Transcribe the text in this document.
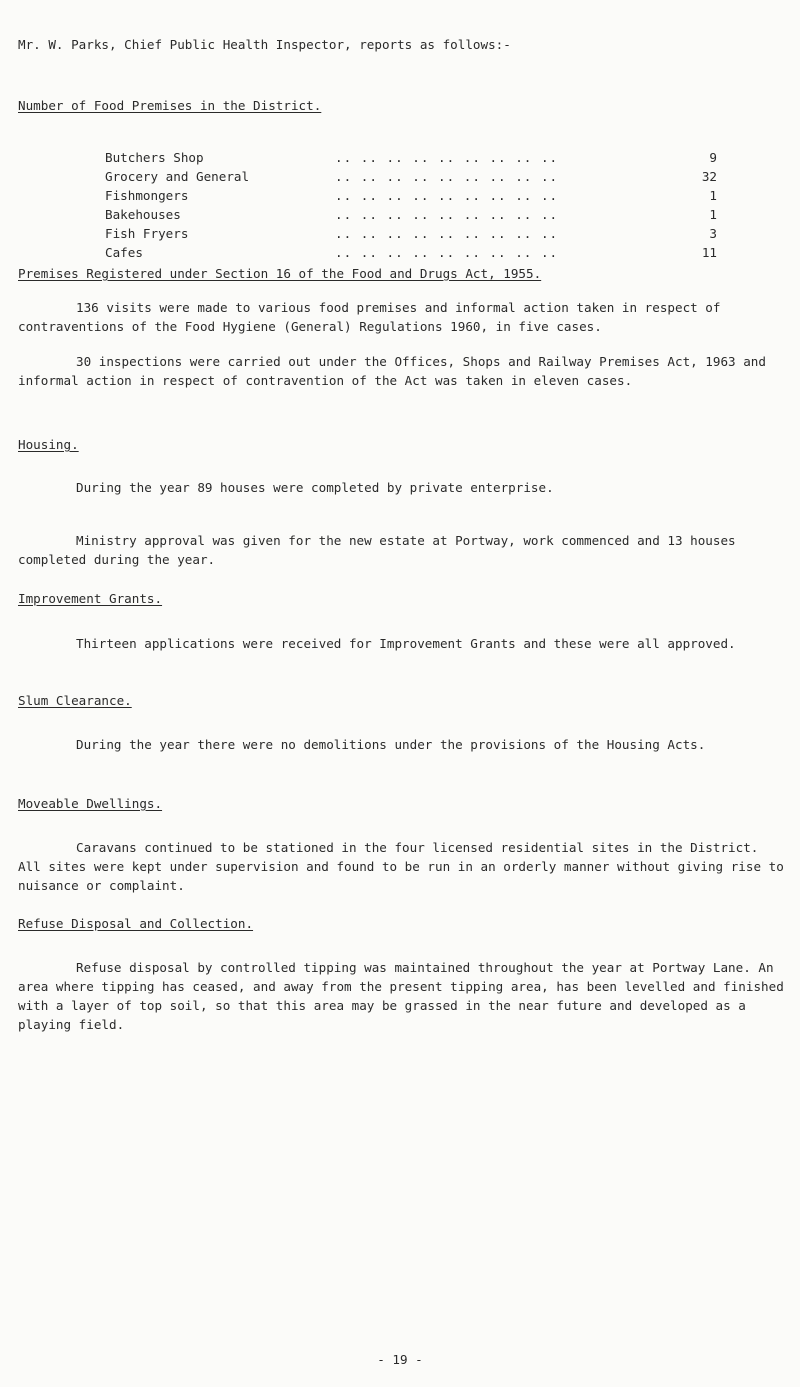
Mr. W. Parks, Chief Public Health Inspector, reports as follows:-
Number of Food Premises in the District.
Butchers Shop	.. .. .. .. .. .. .. .. ..	9
Grocery and General	.. .. .. .. .. .. .. .. ..	32
Fishmongers	.. .. .. .. .. .. .. .. ..	1
Bakehouses	.. .. .. .. .. .. .. .. ..	1
Fish Fryers	.. .. .. .. .. .. .. .. ..	3
Cafes	.. .. .. .. .. .. .. .. ..	11
Premises Registered under Section 16 of the Food and Drugs Act, 1955.
136 visits were made to various food premises and informal action taken in respect of contraventions of the Food Hygiene (General) Regulations 1960, in five cases.
30 inspections were carried out under the Offices, Shops and Railway Premises Act, 1963 and informal action in respect of contravention of the Act was taken in eleven cases.
Housing.
During the year 89 houses were completed by private enterprise.
Ministry approval was given for the new estate at Portway, work commenced and 13 houses completed during the year.
Improvement Grants.
Thirteen applications were received for Improvement Grants and these were all approved.
Slum Clearance.
During the year there were no demolitions under the provisions of the Housing Acts.
Moveable Dwellings.
Caravans continued to be stationed in the four licensed residential sites in the District. All sites were kept under supervision and found to be run in an orderly manner without giving rise to nuisance or complaint.
Refuse Disposal and Collection.
Refuse disposal by controlled tipping was maintained throughout the year at Portway Lane. An area where tipping has ceased, and away from the present tipping area, has been levelled and finished with a layer of top soil, so that this area may be grassed in the near future and developed as a playing field.
- 19 -
